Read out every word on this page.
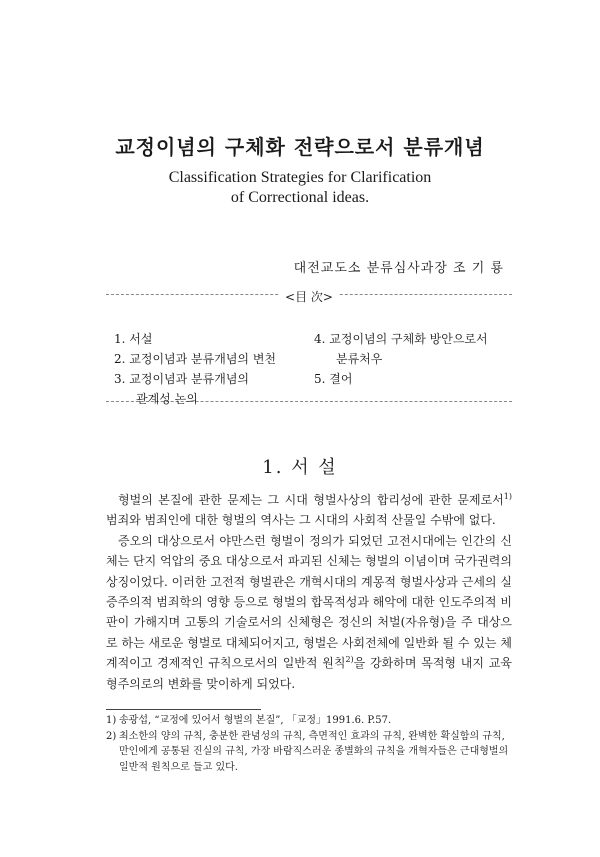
교정이념의 구체화 전략으로서 분류개념
Classification Strategies for Clarification
of Correctional ideas.
대전교도소 분류심사과장 조 기 룡
<目 次>
1. 서설
2. 교정이념과 분류개념의 변천
3. 교정이념과 분류개념의
관계성 논의
4. 교정이념의 구체화 방안으로서
분류처우
5. 결어
1. 서 설

형벌의 본질에 관한 문제는 그 시대 형벌사상의 합리성에 관한 문제로서$^{1)}$ 범죄와 범죄인에 대한 형벌의 역사는 그 시대의 사회적 산물일 수밖에 없다.

증오의 대상으로서 야만스런 형벌이 정의가 되었던 고전시대에는 인간의 신체는 단지 억압의 중요 대상으로서 파괴된 신체는 형벌의 이념이며 국가권력의 상징이었다. 이러한 고전적 형벌관은 개혁시대의 계몽적 형벌사상과 근세의 실증주의적 범죄학의 영향 등으로 형벌의 합목적성과 해악에 대한 인도주의적 비판이 가해지며 고통의 기술로서의 신체형은 정신의 처벌(자유형)을 주 대상으로 하는 새로운 형벌로 대체되어지고, 형벌은 사회전체에 일반화 될 수 있는 체계적이고 경제적인 규칙으로서의 일반적 원칙$^{2)}$을 강화하며 목적형 내지 교육형주의로의 변화를 맞이하게 되었다.

1) 송광섭, “교정에 있어서 형벌의 본질”, 「교정」1991.6. P.57.
2) 최소한의 양의 규칙, 충분한 관념성의 규칙, 측면적인 효과의 규칙, 완벽한 확실함의 규칙, 만인에게 공통된 진실의 규칙, 가장 바람직스러운 종별화의 규칙을 개혁자들은 근대형벌의 일반적 원칙으로 들고 있다.
